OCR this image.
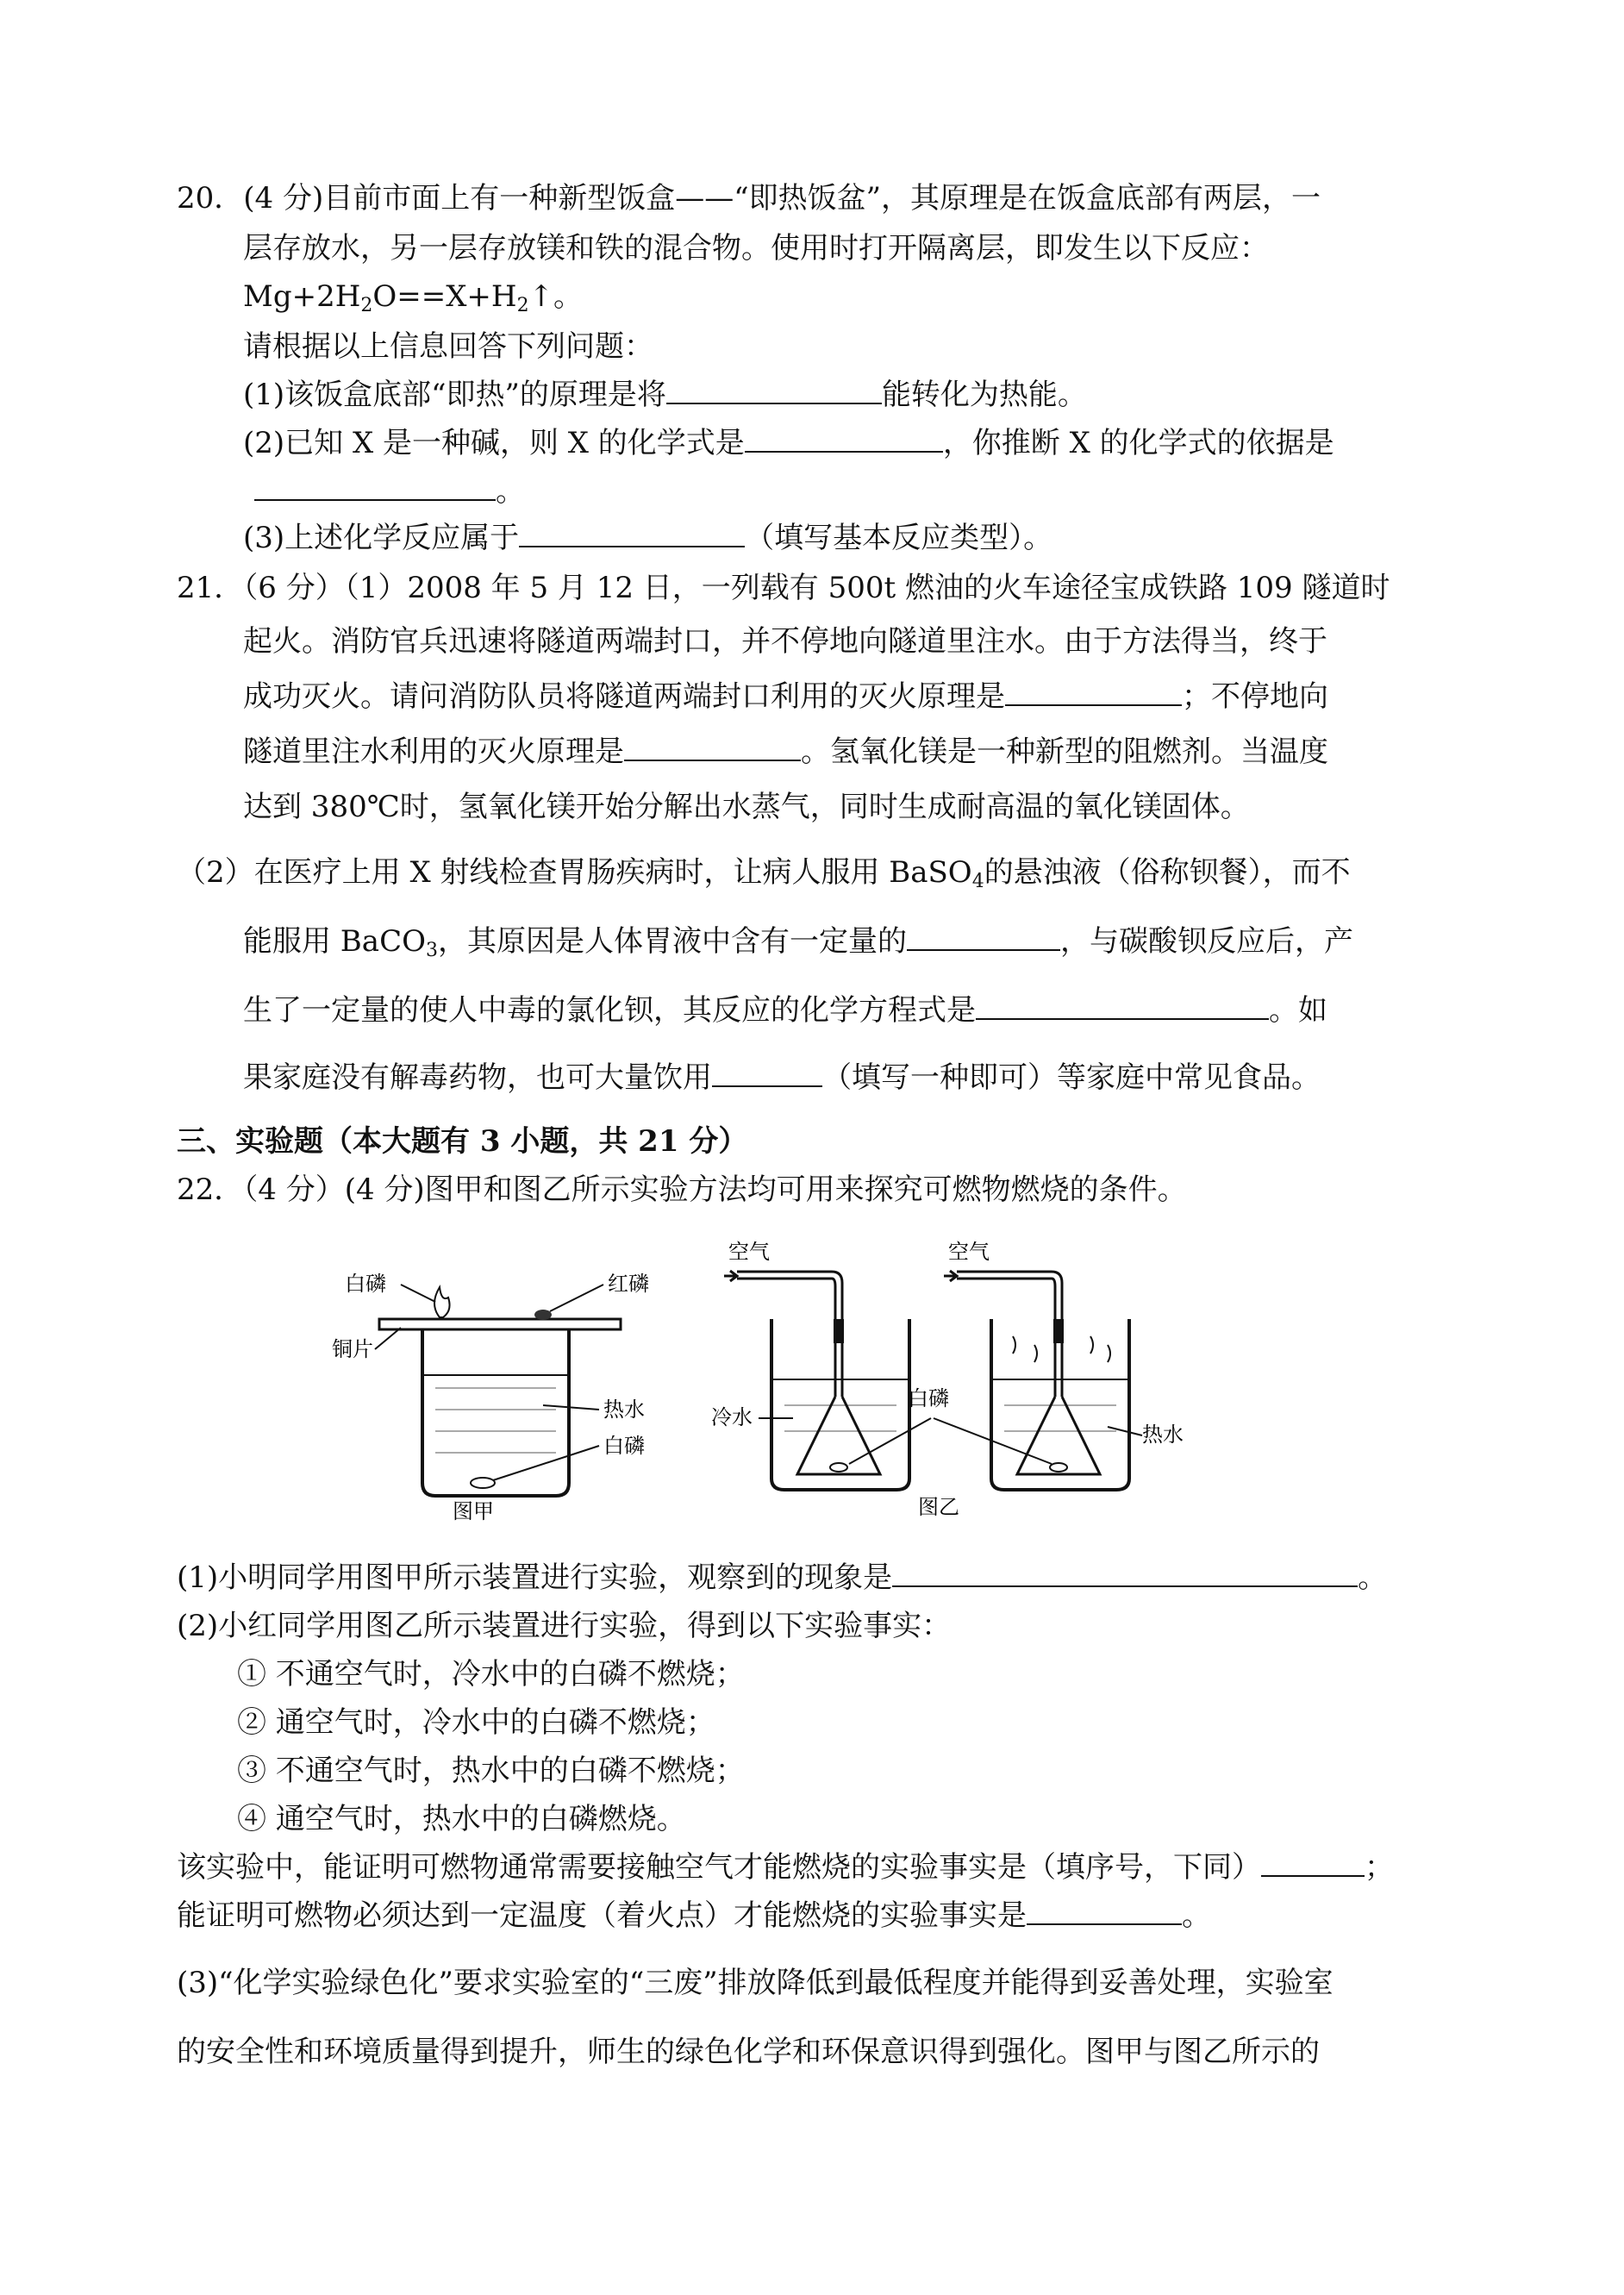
20．(4 分)目前市面上有一种新型饭盒——“即热饭盆”，其原理是在饭盒底部有两层，一
层存放水，另一层存放镁和铁的混合物。使用时打开隔离层，即发生以下反应：
$Mg+2H_2O==X+H_2↑$。
请根据以上信息回答下列问题：
(1)该饭盒底部“即热”的原理是将	能转化为热能。
(2)已知 X 是一种碱，则 X 的化学式是	，你推断 X 的化学式的依据是
。
(3)上述化学反应属于	（填写基本反应类型）。
21．（6 分）（1）2008 年 5 月 12 日，一列载有 500t 燃油的火车途径宝成铁路 109 隧道时
起火。消防官兵迅速将隧道两端封口，并不停地向隧道里注水。由于方法得当，终于
成功灭火。请问消防队员将隧道两端封口利用的灭火原理是	；不停地向
隧道里注水利用的灭火原理是	。氢氧化镁是一种新型的阻燃剂。当温度
达到 380℃时，氢氧化镁开始分解出水蒸气，同时生成耐高温的氧化镁固体。
（2）在医疗上用 X 射线检查胃肠疾病时，让病人服用 BaSO$_4$的悬浊液（俗称钡餐），而不
能服用 BaCO$_3$，其原因是人体胃液中含有一定量的	，与碳酸钡反应后，产
生了一定量的使人中毒的氯化钡，其反应的化学方程式是	。如
果家庭没有解毒药物，也可大量饮用	（填写一种即可）等家庭中常见食品。
三、实验题（本大题有 3 小题，共 21 分）
22．（4 分）(4 分)图甲和图乙所示实验方法均可用来探究可燃物燃烧的条件。
白磷	红磷
铜片
热水
白磷
图甲
空气	空气
冷水
白磷
热水
图乙
(1)小明同学用图甲所示装置进行实验，观察到的现象是	。
(2)小红同学用图乙所示装置进行实验，得到以下实验事实：
① 不通空气时，冷水中的白磷不燃烧；
② 通空气时，冷水中的白磷不燃烧；
③ 不通空气时，热水中的白磷不燃烧；
④ 通空气时，热水中的白磷燃烧。
该实验中，能证明可燃物通常需要接触空气才能燃烧的实验事实是（填序号，下同）	；
能证明可燃物必须达到一定温度（着火点）才能燃烧的实验事实是	。
(3)“化学实验绿色化”要求实验室的“三废”排放降低到最低程度并能得到妥善处理，实验室
的安全性和环境质量得到提升，师生的绿色化学和环保意识得到强化。图甲与图乙所示的
